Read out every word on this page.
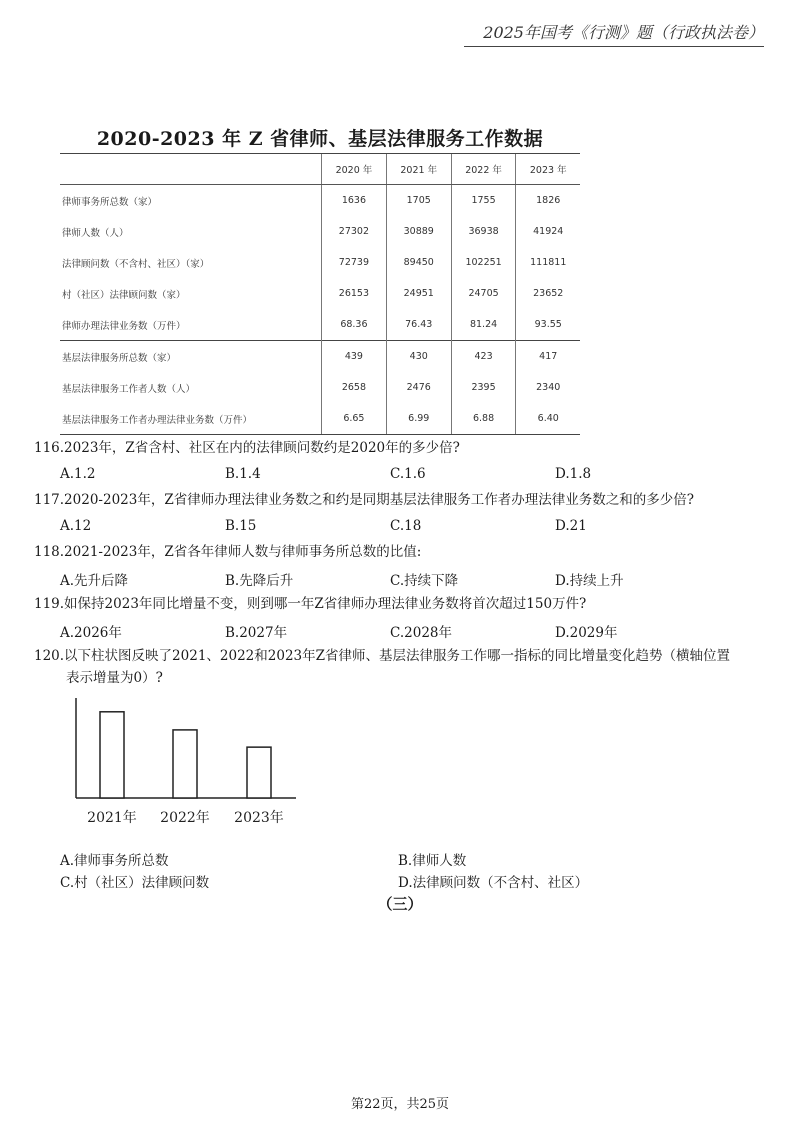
2025年国考《行测》题（行政执法卷）
2020-2023 年 Z 省律师、基层法律服务工作数据
	2020 年	2021 年	2022 年	2023 年
律师事务所总数（家）	1636	1705	1755	1826
律师人数（人）	27302	30889	36938	41924
法律顾问数（不含村、社区）（家）	72739	89450	102251	111811
村（社区）法律顾问数（家）	26153	24951	24705	23652
律师办理法律业务数（万件）	68.36	76.43	81.24	93.55
基层法律服务所总数（家）	439	430	423	417
基层法律服务工作者人数（人）	2658	2476	2395	2340
基层法律服务工作者办理法律业务数（万件）	6.65	6.99	6.88	6.40
116.2023年，Z省含村、社区在内的法律顾问数约是2020年的多少倍?
A.1.2	B.1.4	C.1.6	D.1.8
117.2020-2023年，Z省律师办理法律业务数之和约是同期基层法律服务工作者办理法律业务数之和的多少倍?
A.12	B.15	C.18	D.21
118.2021-2023年，Z省各年律师人数与律师事务所总数的比值:
A.先升后降	B.先降后升	C.持续下降	D.持续上升
119.如保持2023年同比增量不变，则到哪一年Z省律师办理法律业务数将首次超过150万件?
A.2026年	B.2027年	C.2028年	D.2029年
120.以下柱状图反映了2021、2022和2023年Z省律师、基层法律服务工作哪一指标的同比增量变化趋势（横轴位置
表示增量为0）?
2021年 2022年 2023年
A.律师事务所总数	B.律师人数
C.村（社区）法律顾问数	D.法律顾问数（不含村、社区）
（三）
第22页，共25页
